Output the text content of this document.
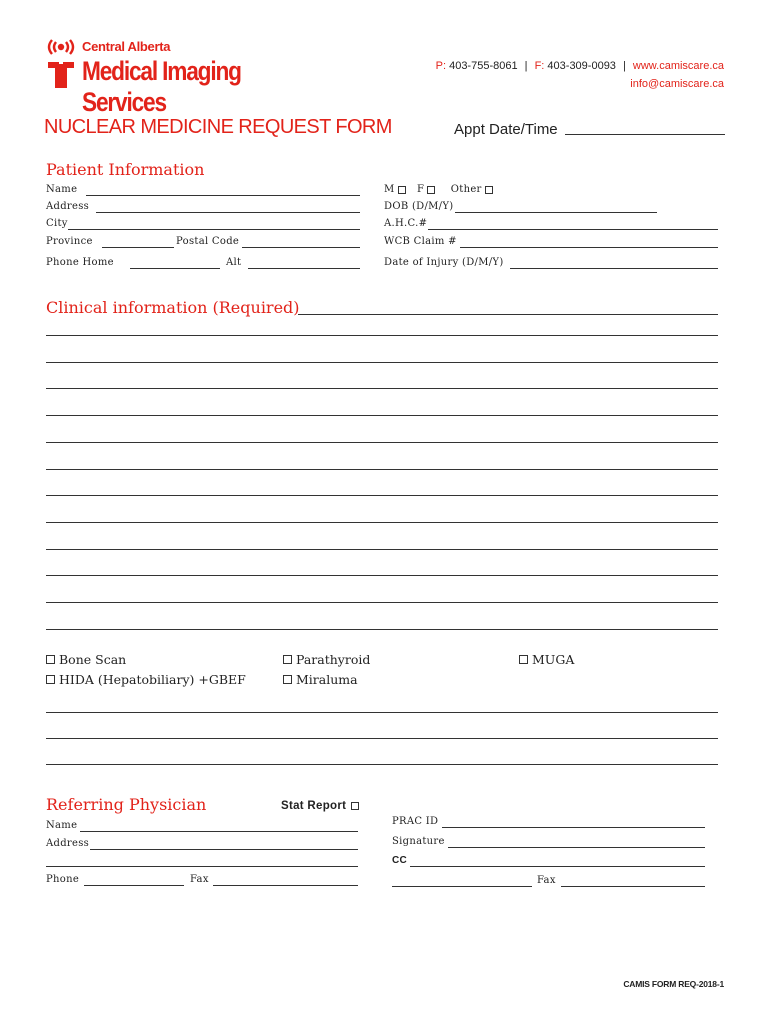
Central Alberta
Medical Imaging Services
P: 403-755-8061 | F: 403-309-0093 | www.camiscare.ca
info@camiscare.ca
NUCLEAR MEDICINE REQUEST FORM	Appt Date/Time
Patient Information
Name
Address
City
Province	Postal Code
Phone Home	Alt
M F	Other
DOB (D/M/Y)
A.H.C.#
WCB Claim #
Date of Injury (D/M/Y)
Clinical information (Required)
Bone Scan
HIDA (Hepatobiliary) +GBEF
Parathyroid
Miraluma
MUGA
Referring Physician	Stat Report
Name
Address
Phone	Fax
PRAC ID
Signature
CC
Fax
CAMIS FORM REQ-2018-1
